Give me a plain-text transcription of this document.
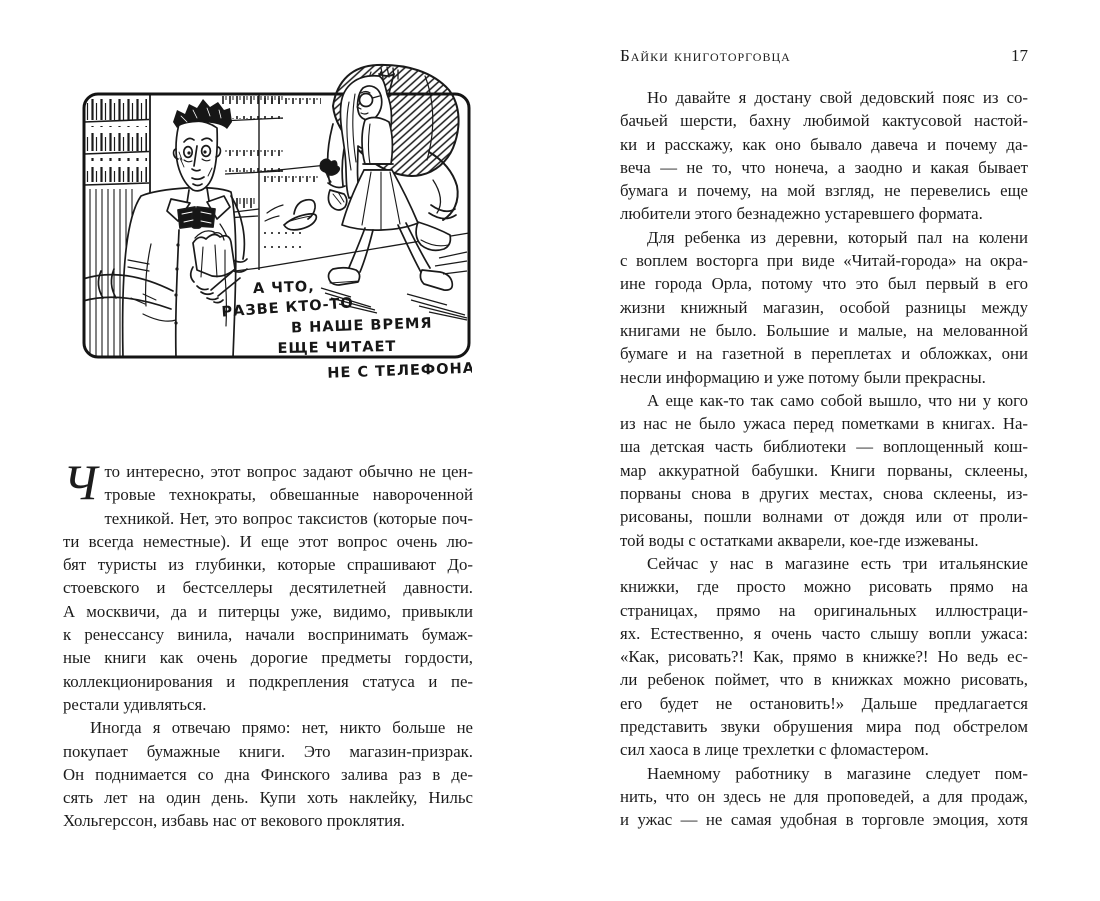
Байки книготорговца	17
А ЧТО,
РАЗВЕ КТО-ТО
В НАШЕ ВРЕМЯ
ЕЩЕ ЧИТАЕТ
НЕ С ТЕЛЕФОНА?
Ч то интересно, этот вопрос задают обычно не цен-
тровые технократы, обвешанные навороченной
техникой. Нет, это вопрос таксистов (которые поч-
ти всегда неместные). И еще этот вопрос очень лю-
бят туристы из глубинки, которые спрашивают До-
стоевского и бестселлеры десятилетней давности.
А москвичи, да и питерцы уже, видимо, привыкли
к ренессансу винила, начали воспринимать бумаж-
ные книги как очень дорогие предметы гордости,
коллекционирования и подкрепления статуса и пе-
рестали удивляться.
Иногда я отвечаю прямо: нет, никто больше не
покупает бумажные книги. Это магазин-призрак.
Он поднимается со дна Финского залива раз в де-
сять лет на один день. Купи хоть наклейку, Нильс
Хольгерссон, избавь нас от векового проклятия.
Но давайте я достану свой дедовский пояс из со-
бачьей шерсти, бахну любимой кактусовой настой-
ки и расскажу, как оно бывало давеча и почему да-
веча — не то, что нонеча, а заодно и какая бывает
бумага и почему, на мой взгляд, не перевелись еще
любители этого безнадежно устаревшего формата.
Для ребенка из деревни, который пал на колени
с воплем восторга при виде «Читай-города» на окра-
ине города Орла, потому что это был первый в его
жизни книжный магазин, особой разницы между
книгами не было. Большие и малые, на мелованной
бумаге и на газетной в переплетах и обложках, они
несли информацию и уже потому были прекрасны.
А еще как-то так само собой вышло, что ни у кого
из нас не было ужаса перед пометками в книгах. На-
ша детская часть библиотеки — воплощенный кош-
мар аккуратной бабушки. Книги порваны, склеены,
порваны снова в других местах, снова склеены, из-
рисованы, пошли волнами от дождя или от проли-
той воды с остатками акварели, кое-где изжеваны.
Сейчас у нас в магазине есть три итальянские
книжки, где просто можно рисовать прямо на
страницах, прямо на оригинальных иллюстраци-
ях. Естественно, я очень часто слышу вопли ужаса:
«Как, рисовать?! Как, прямо в книжке?! Но ведь ес-
ли ребенок поймет, что в книжках можно рисовать,
его будет не остановить!» Дальше предлагается
представить звуки обрушения мира под обстрелом
сил хаоса в лице трехлетки с фломастером.
Наемному работнику в магазине следует пом-
нить, что он здесь не для проповедей, а для продаж,
и ужас — не самая удобная в торговле эмоция, хотя
